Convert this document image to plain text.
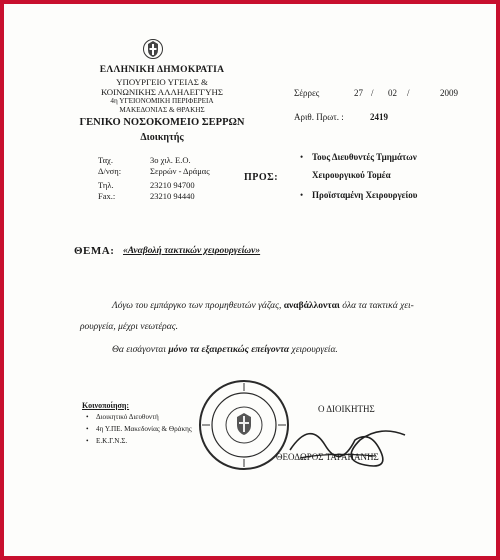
ΕΛΛΗΝΙΚΗ ΔΗΜΟΚΡΑΤΙΑ
ΥΠΟΥΡΓΕΙΟ ΥΓΕΙΑΣ &
ΚΟΙΝΩΝΙΚΗΣ ΑΛΛΗΛΕΓΓΥΗΣ
4η ΥΓΕΙΟΝΟΜΙΚΗ ΠΕΡΙΦΕΡΕΙΑ
ΜΑΚΕΔΟΝΙΑΣ & ΘΡΑΚΗΣ
ΓΕΝΙΚΟ ΝΟΣΟΚΟΜΕΙΟ ΣΕΡΡΩΝ
Διοικητής
Ταχ.	3ο χιλ. Ε.Ο.
Δ/νση:	Σερρών - Δράμας
Τηλ.	23210 94700
Fax.:	23210 94440
Σέρρες	27 / 02 /	2009
Αριθ. Πρωτ. :	2419
ΠΡΟΣ:
• Τους Διευθυντές Τμημάτων
Χειρουργικού Τομέα
• Προϊσταμένη Χειρουργείου
ΘΕΜΑ: «Αναβολή τακτικών χειρουργείων»
Λόγω του εμπάργκο των προμηθευτών γάζας, αναβάλλονται όλα τα τακτικά χει-
ρουργεία, μέχρι νεωτέρας.
Θα εισάγονται μόνο τα εξαιρετικώς επείγοντα χειρουργεία.
Ο ΔΙΟΙΚΗΤΗΣ
ΘΕΟΔΩΡΟΣ ΤΑΡΑΗΑΝΗΣ
Κοινοποίηση:
• Διοικητικό Διευθυντή
• 4η Υ.ΠΕ. Μακεδονίας & Θράκης
• Ε.Κ.Γ.Ν.Σ.
